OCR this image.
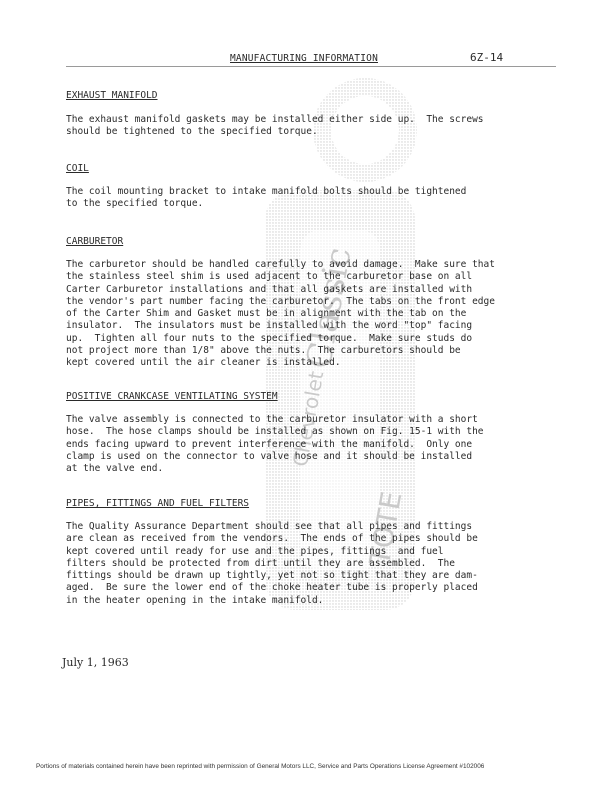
Classic
Chevrolet
TOTE
MANUFACTURING INFORMATION	6Z-14
EXHAUST MANIFOLD
The exhaust manifold gaskets may be installed either side up.  The screws
should be tightened to the specified torque.
COIL
The coil mounting bracket to intake manifold bolts should be tightened
to the specified torque.
CARBURETOR
The carburetor should be handled carefully to avoid damage.  Make sure that
the stainless steel shim is used adjacent to the carburetor base on all
Carter Carburetor installations and that all gaskets are installed with
the vendor's part number facing the carburetor.  The tabs on the front edge
of the Carter Shim and Gasket must be in alignment with the tab on the
insulator.  The insulators must be installed with the word "top" facing
up.  Tighten all four nuts to the specified torque.  Make sure studs do
not project more than 1/8" above the nuts.  The carburetors should be
kept covered until the air cleaner is installed.
POSITIVE CRANKCASE VENTILATING SYSTEM
The valve assembly is connected to the carburetor insulator with a short
hose.  The hose clamps should be installed as shown on Fig. 15-1 with the
ends facing upward to prevent interference with the manifold.  Only one
clamp is used on the connector to valve hose and it should be installed
at the valve end.
PIPES, FITTINGS AND FUEL FILTERS
The Quality Assurance Department should see that all pipes and fittings
are clean as received from the vendors.  The ends of the pipes should be
kept covered until ready for use and the pipes, fittings  and fuel
filters should be protected from dirt until they are assembled.  The
fittings should be drawn up tightly, yet not so tight that they are dam-
aged.  Be sure the lower end of the choke heater tube is properly placed
in the heater opening in the intake manifold.
July 1, 1963
Portions of materials contained herein have been reprinted with permission of General Motors LLC, Service and Parts Operations License Agreement #102006
